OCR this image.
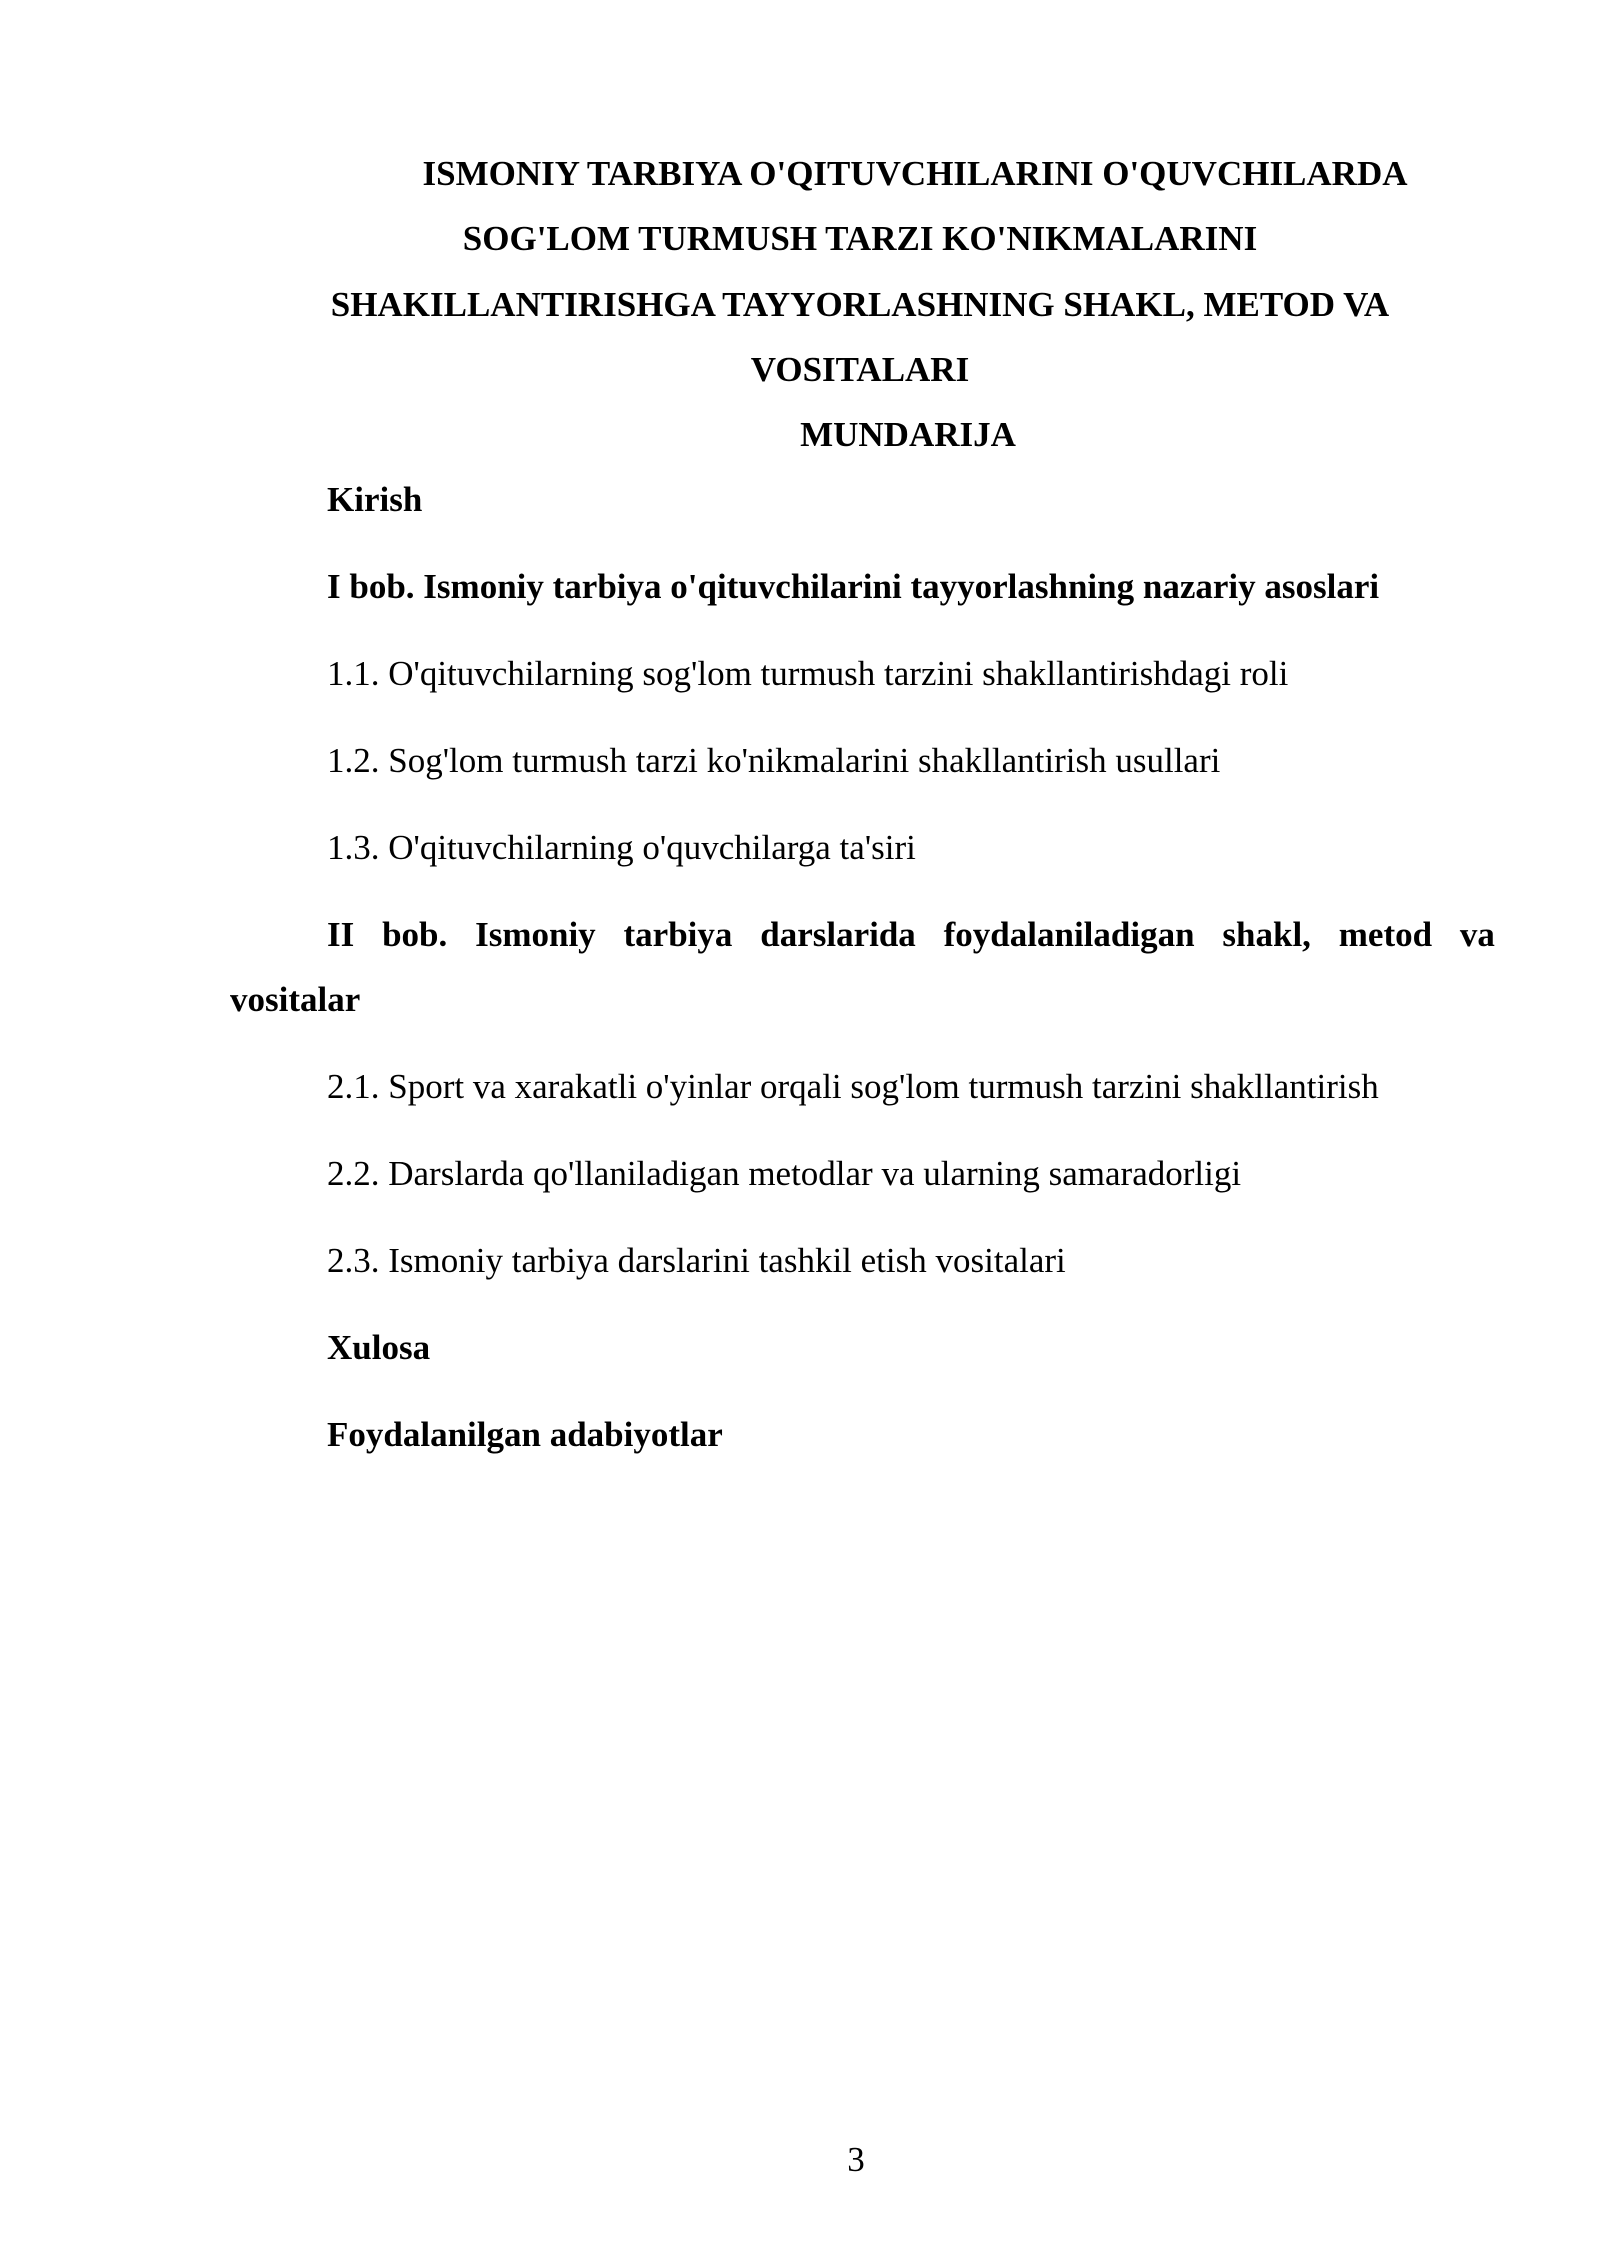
ISMONIY TARBIYA O'QITUVCHILARINI O'QUVCHILARDA
SOG'LOM TURMUSH TARZI KO'NIKMALARINI
SHAKILLANTIRISHGA TAYYORLASHNING SHAKL, METOD VA
VOSITALARI
MUNDARIJA
Kirish
I bob. Ismoniy tarbiya o'qituvchilarini tayyorlashning nazariy asoslari
1.1. O'qituvchilarning sog'lom turmush tarzini shakllantirishdagi roli
1.2. Sog'lom turmush tarzi ko'nikmalarini shakllantirish usullari
1.3. O'qituvchilarning o'quvchilarga ta'siri
II bob. Ismoniy tarbiya darslarida foydalaniladigan shakl, metod va
vositalar
2.1. Sport va xarakatli o'yinlar orqali sog'lom turmush tarzini shakllantirish
2.2. Darslarda qo'llaniladigan metodlar va ularning samaradorligi
2.3. Ismoniy tarbiya darslarini tashkil etish vositalari
Xulosa
Foydalanilgan adabiyotlar
3
